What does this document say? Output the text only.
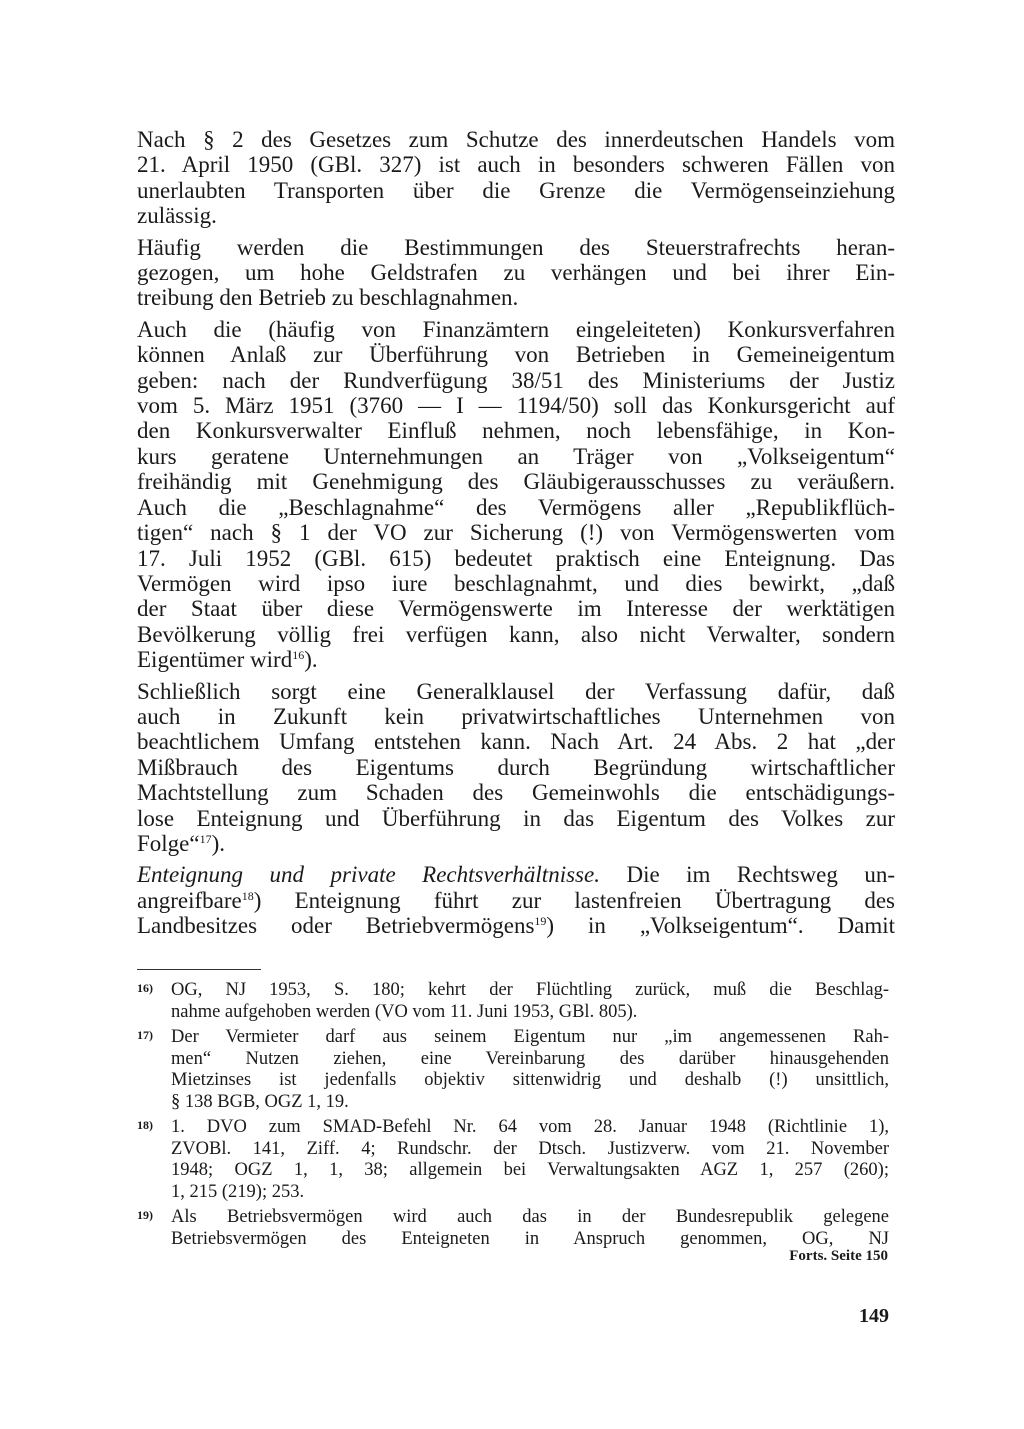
Nach § 2 des Gesetzes zum Schutze des innerdeutschen Handels vom
21. April 1950 (GBl. 327) ist auch in besonders schweren Fällen von
unerlaubten Transporten über die Grenze die Vermögenseinziehung
zulässig.

Häufig werden die Bestimmungen des Steuerstrafrechts heran-
gezogen, um hohe Geldstrafen zu verhängen und bei ihrer Ein-
treibung den Betrieb zu beschlagnahmen.

Auch die (häufig von Finanzämtern eingeleiteten) Konkursverfahren
können Anlaß zur Überführung von Betrieben in Gemeineigentum
geben: nach der Rundverfügung 38/51 des Ministeriums der Justiz
vom 5. März 1951 (3760 — I — 1194/50) soll das Konkursgericht auf
den Konkursverwalter Einfluß nehmen, noch lebensfähige, in Kon-
kurs geratene Unternehmungen an Träger von „Volkseigentum“
freihändig mit Genehmigung des Gläubigerausschusses zu veräußern.
Auch die „Beschlagnahme“ des Vermögens aller „Republikflüch-
tigen“ nach § 1 der VO zur Sicherung (!) von Vermögenswerten vom
17. Juli 1952 (GBl. 615) bedeutet praktisch eine Enteignung. Das
Vermögen wird ipso iure beschlagnahmt, und dies bewirkt, „daß
der Staat über diese Vermögenswerte im Interesse der werktätigen
Bevölkerung völlig frei verfügen kann, also nicht Verwalter, sondern
Eigentümer wird$^{16}$).

Schließlich sorgt eine Generalklausel der Verfassung dafür, daß
auch in Zukunft kein privatwirtschaftliches Unternehmen von
beachtlichem Umfang entstehen kann. Nach Art. 24 Abs. 2 hat „der
Mißbrauch des Eigentums durch Begründung wirtschaftlicher
Machtstellung zum Schaden des Gemeinwohls die entschädigungs-
lose Enteignung und Überführung in das Eigentum des Volkes zur
Folge“$^{17}$).

Enteignung und private Rechtsverhältnisse. Die im Rechtsweg un-
angreifbare$^{18}$) Enteignung führt zur lastenfreien Übertragung des
Landbesitzes oder Betriebvermögens$^{19}$) in „Volkseigentum“. Damit

16) OG, NJ 1953, S. 180; kehrt der Flüchtling zurück, muß die Beschlag-
nahme aufgehoben werden (VO vom 11. Juni 1953, GBl. 805).
17) Der Vermieter darf aus seinem Eigentum nur „im angemessenen Rah-
men“ Nutzen ziehen, eine Vereinbarung des darüber hinausgehenden
Mietzinses ist jedenfalls objektiv sittenwidrig und deshalb (!) unsittlich,
§ 138 BGB, OGZ 1, 19.
18) 1. DVO zum SMAD-Befehl Nr. 64 vom 28. Januar 1948 (Richtlinie 1),
ZVOBl. 141, Ziff. 4; Rundschr. der Dtsch. Justizverw. vom 21. November
1948; OGZ 1, 1, 38; allgemein bei Verwaltungsakten AGZ 1, 257 (260);
1, 215 (219); 253.
19) Als Betriebsvermögen wird auch das in der Bundesrepublik gelegene
Betriebsvermögen des Enteigneten in Anspruch genommen, OG, NJ
Forts. Seite 150
149
